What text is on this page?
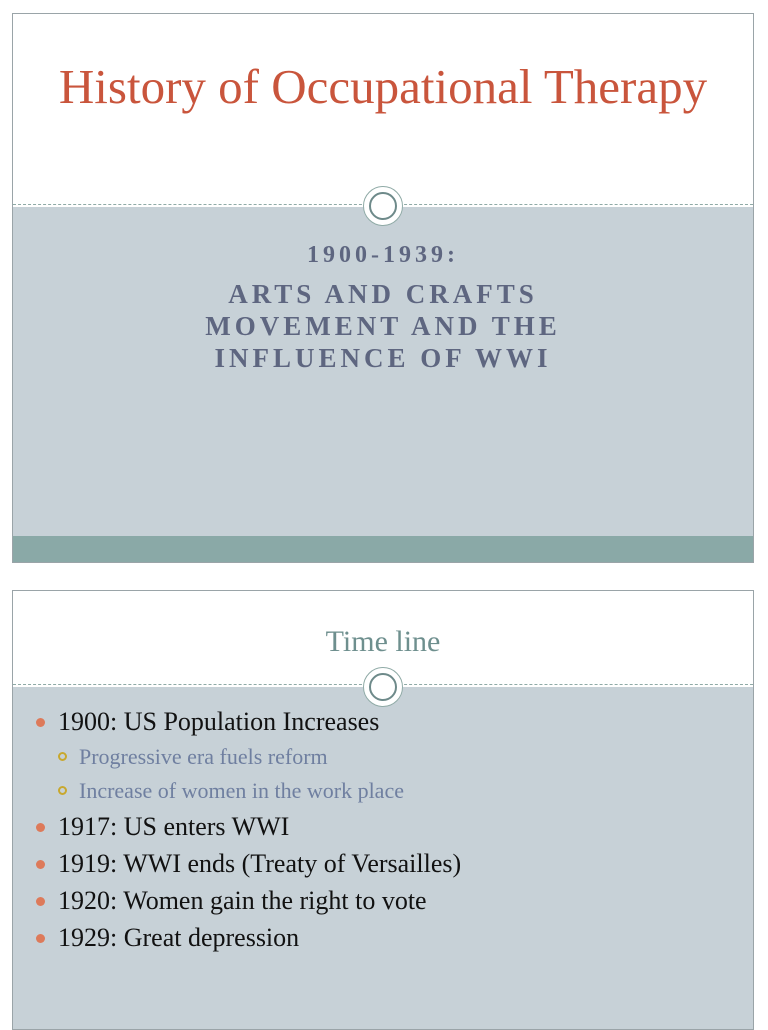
History of Occupational Therapy
1900-1939:
ARTS AND CRAFTS
MOVEMENT AND THE
INFLUENCE OF WWI
Time line
1900: US Population Increases
Progressive era fuels reform
Increase of women in the work place
1917: US enters WWI
1919: WWI ends (Treaty of Versailles)
1920: Women gain the right to vote
1929: Great depression
